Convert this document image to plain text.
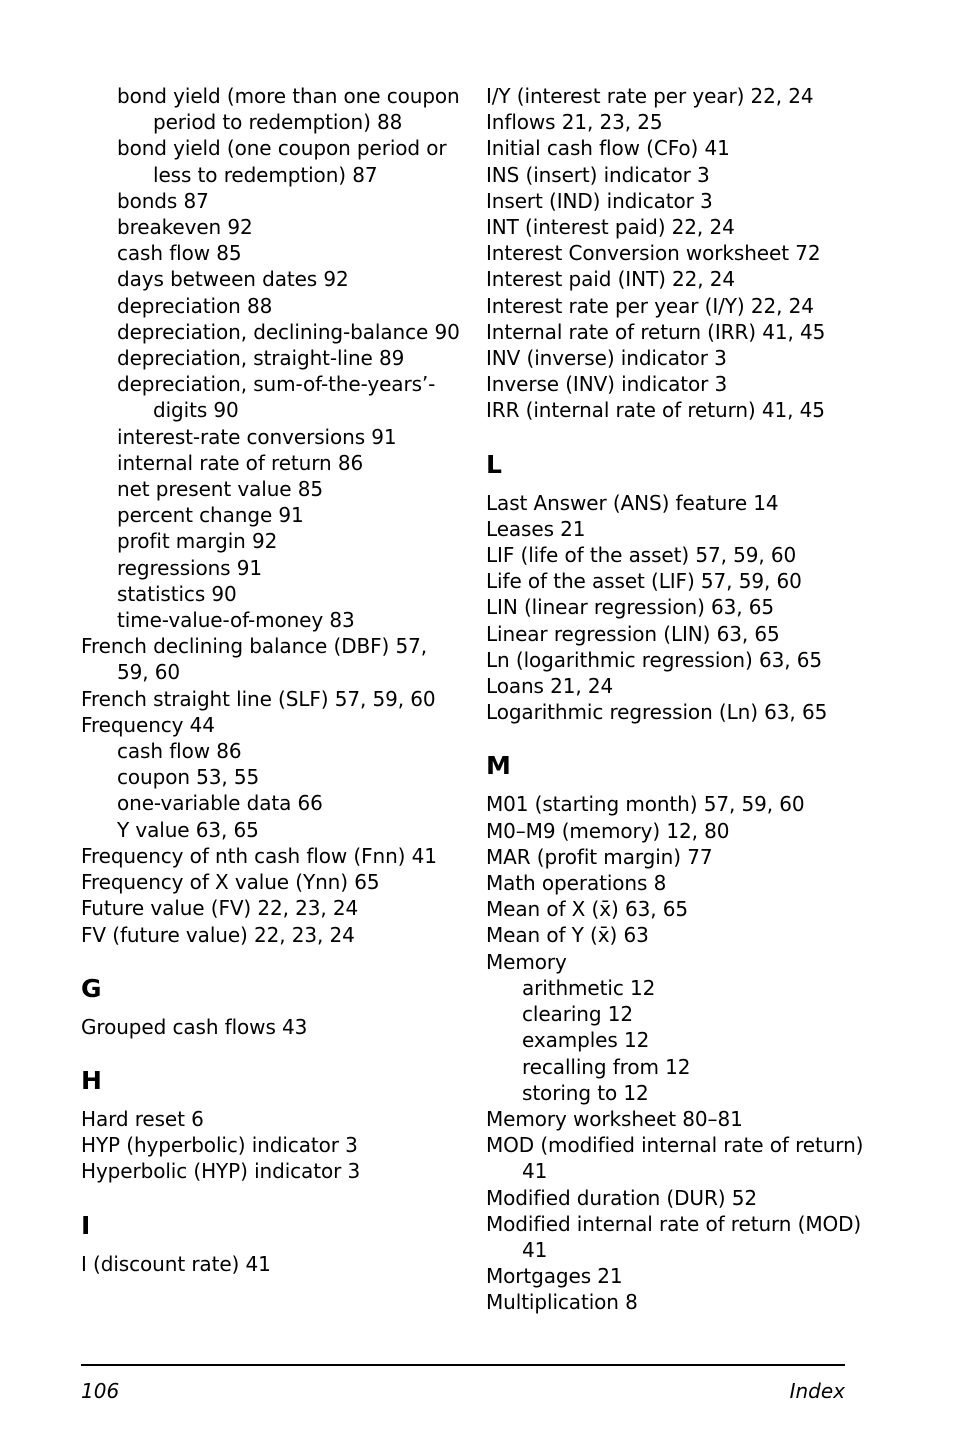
bond yield (more than one coupon period to redemption) 88
bond yield (one coupon period or less to redemption) 87
bonds 87
breakeven 92
cash flow 85
days between dates 92
depreciation 88
depreciation, declining-balance 90
depreciation, straight-line 89
depreciation, sum-of-the-years’-digits 90
interest-rate conversions 91
internal rate of return 86
net present value 85
percent change 91
profit margin 92
regressions 91
statistics 90
time-value-of-money 83
French declining balance (DBF) 57, 59, 60
French straight line (SLF) 57, 59, 60
Frequency 44
cash flow 86
coupon 53, 55
one-variable data 66
Y value 63, 65
Frequency of nth cash flow (Fnn) 41
Frequency of X value (Ynn) 65
Future value (FV) 22, 23, 24
FV (future value) 22, 23, 24
G
Grouped cash flows 43
H
Hard reset 6
HYP (hyperbolic) indicator 3
Hyperbolic (HYP) indicator 3
I
I (discount rate) 41
I/Y (interest rate per year) 22, 24
Inflows 21, 23, 25
Initial cash flow (CFo) 41
INS (insert) indicator 3
Insert (IND) indicator 3
INT (interest paid) 22, 24
Interest Conversion worksheet 72
Interest paid (INT) 22, 24
Interest rate per year (I/Y) 22, 24
Internal rate of return (IRR) 41, 45
INV (inverse) indicator 3
Inverse (INV) indicator 3
IRR (internal rate of return) 41, 45
L
Last Answer (ANS) feature 14
Leases 21
LIF (life of the asset) 57, 59, 60
Life of the asset (LIF) 57, 59, 60
LIN (linear regression) 63, 65
Linear regression (LIN) 63, 65
Ln (logarithmic regression) 63, 65
Loans 21, 24
Logarithmic regression (Ln) 63, 65
M
M01 (starting month) 57, 59, 60
M0–M9 (memory) 12, 80
MAR (profit margin) 77
Math operations 8
Mean of X (x̄) 63, 65
Mean of Y (x̄) 63
Memory
arithmetic 12
clearing 12
examples 12
recalling from 12
storing to 12
Memory worksheet 80–81
MOD (modified internal rate of return) 41
Modified duration (DUR) 52
Modified internal rate of return (MOD) 41
Mortgages 21
Multiplication 8
106	Index
